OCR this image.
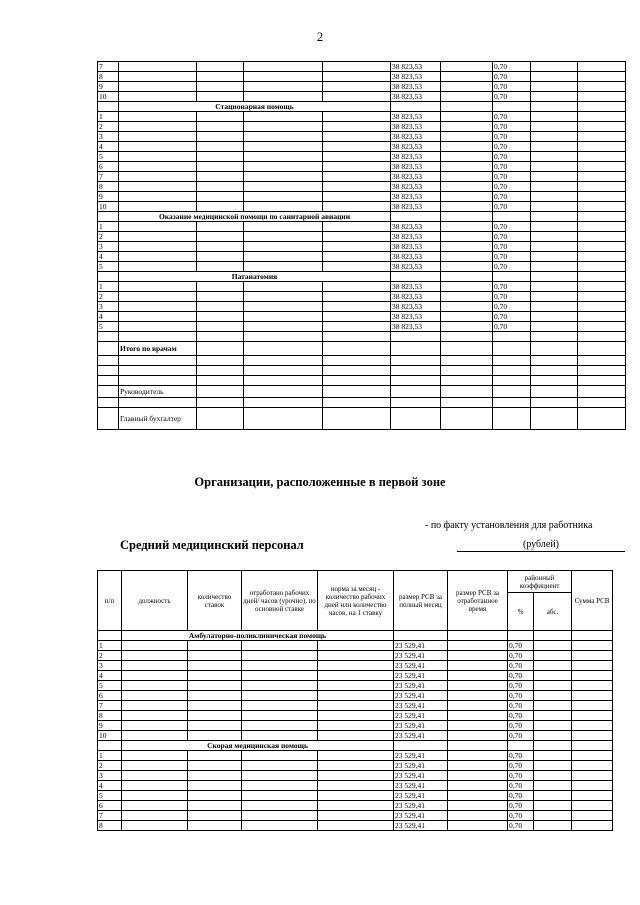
2
7					38 823,53		0,70		
8					38 823,53		0,70		
9					38 823,53		0,70		
10					38 823,53		0,70		
	Стационарная помощь								
1					38 823,53		0,70		
2					38 823,53		0,70		
3					38 823,53		0,70		
4					38 823,53		0,70		
5					38 823,53		0,70		
6					38 823,53		0,70		
7					38 823,53		0,70		
8					38 823,53		0,70		
9					38 823,53		0,70		
10					38 823,53		0,70		
	Оказание медицинской помощи по санитарной авиации								
1					38 823,53		0,70		
2					38 823,53		0,70		
3					38 823,53		0,70		
4					38 823,53		0,70		
5					38 823,53		0,70		
	Патанатомия								
1					38 823,53		0,70		
2					38 823,53		0,70		
3					38 823,53		0,70		
4					38 823,53		0,70		
5					38 823,53		0,70		

	Итого по врачам								

	Руководитель								

	Главный бухгалтер								
Организации, расположенные в первой зоне
- по факту установления для работника
Средний медицинский персонал	(рублей)
п/п	должность	количество ставок	отработано рабочих дней/ часов (урочно), по основной ставке	норма за месяц - количество рабочих дней или количество часов, на 1 ставку	размер РСВ за полный месяц	размер РСВ за отработанное время	районный коэффициент		Сумма РСВ
							%	абс.	
	Амбулаторно-поликлиническая помощь								
1					23 529,41		0,70		
2					23 529,41		0,70		
3					23 529,41		0,70		
4					23 529,41		0,70		
5					23 529,41		0,70		
6					23 529,41		0,70		
7					23 529,41		0,70		
8					23 529,41		0,70		
9					23 529,41		0,70		
10					23 529,41		0,70		
	Скорая медицинская помощь								
1					23 529,41		0,70		
2					23 529,41		0,70		
3					23 529,41		0,70		
4					23 529,41		0,70		
5					23 529,41		0,70		
6					23 529,41		0,70		
7					23 529,41		0,70		
8					23 529,41		0,70		
